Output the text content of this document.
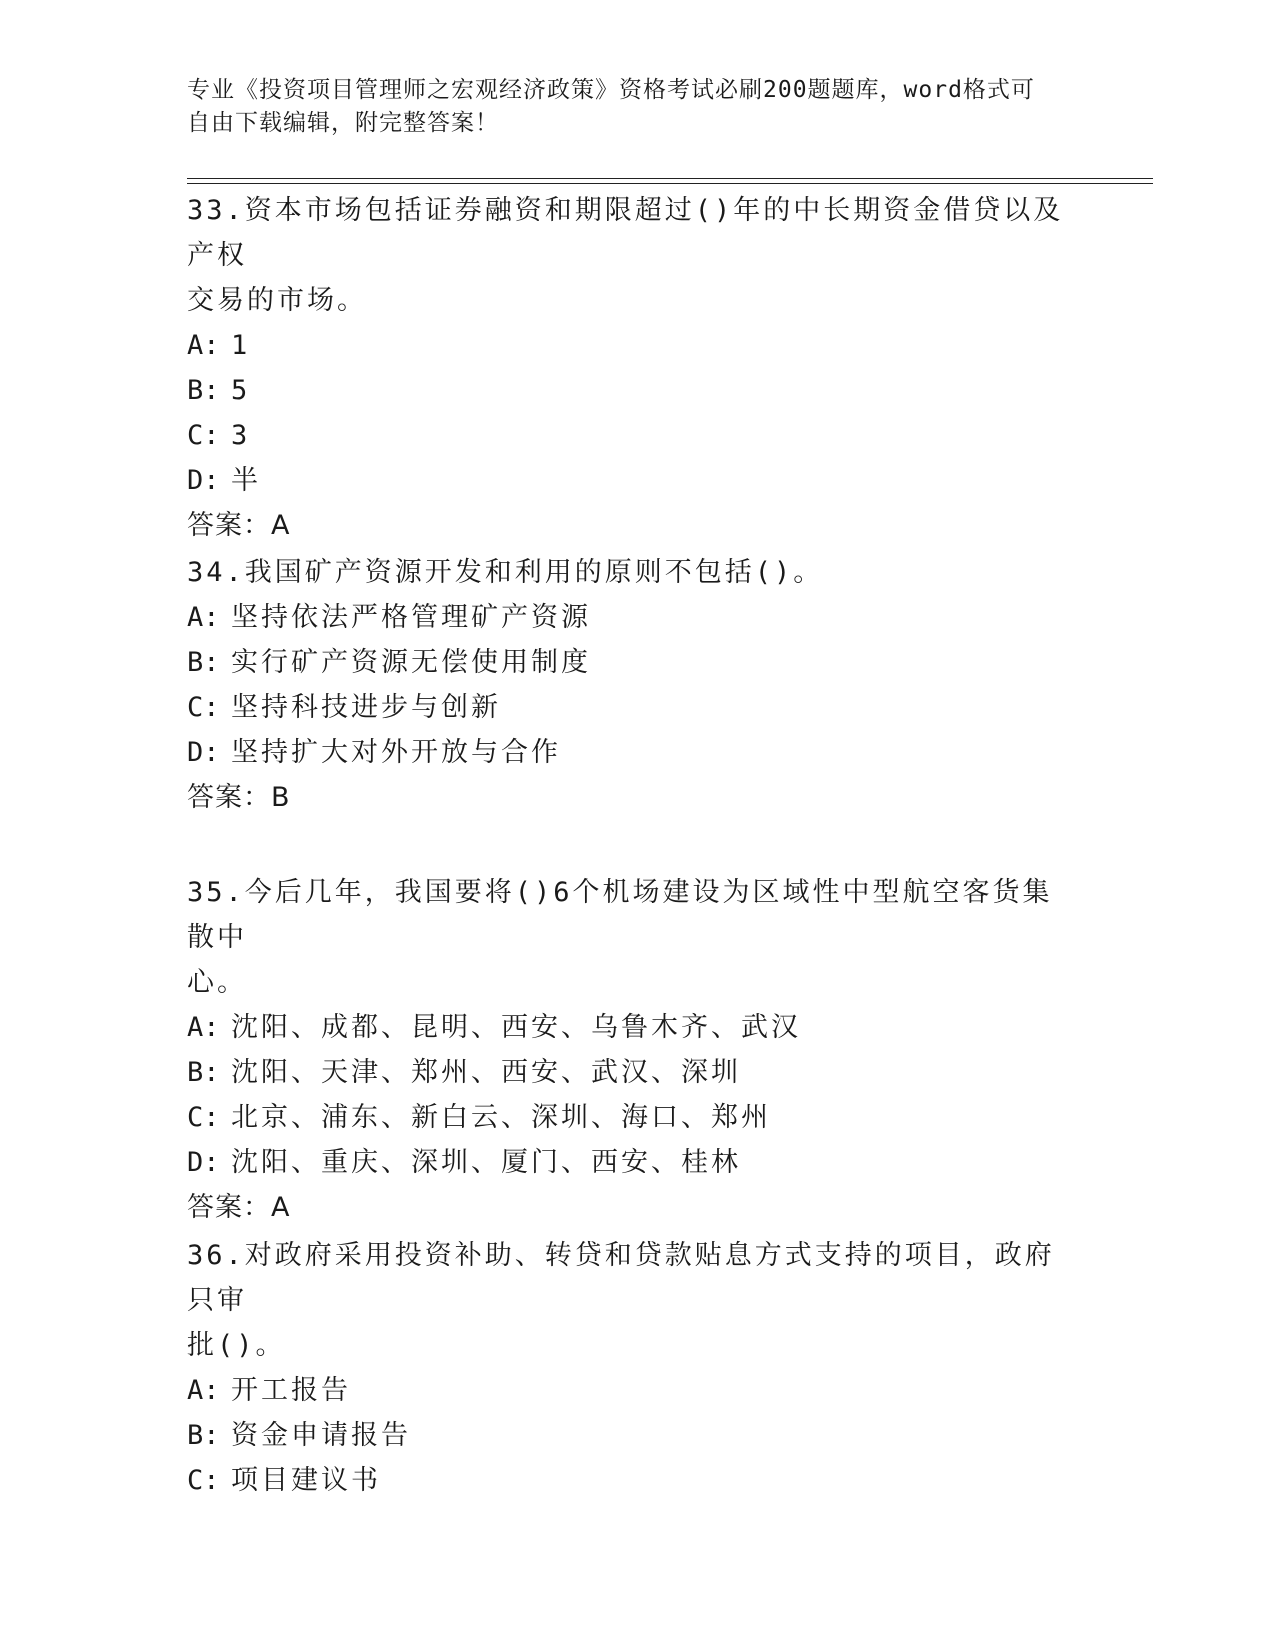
专业《投资项目管理师之宏观经济政策》资格考试必刷200题题库，word格式可
自由下载编辑，附完整答案！

33.资本市场包括证券融资和期限超过()年的中长期资金借贷以及产权

交易的市场。

A: 1

B: 5

C: 3

D: 半

答案：A

34.我国矿产资源开发和利用的原则不包括()。

A: 坚持依法严格管理矿产资源

B: 实行矿产资源无偿使用制度

C: 坚持科技进步与创新

D: 坚持扩大对外开放与合作

答案：B

35.今后几年，我国要将()6个机场建设为区域性中型航空客货集散中

心。

A: 沈阳、成都、昆明、西安、乌鲁木齐、武汉

B: 沈阳、天津、郑州、西安、武汉、深圳

C: 北京、浦东、新白云、深圳、海口、郑州

D: 沈阳、重庆、深圳、厦门、西安、桂林

答案：A

36.对政府采用投资补助、转贷和贷款贴息方式支持的项目，政府只审

批()。

A: 开工报告

B: 资金申请报告

C: 项目建议书
